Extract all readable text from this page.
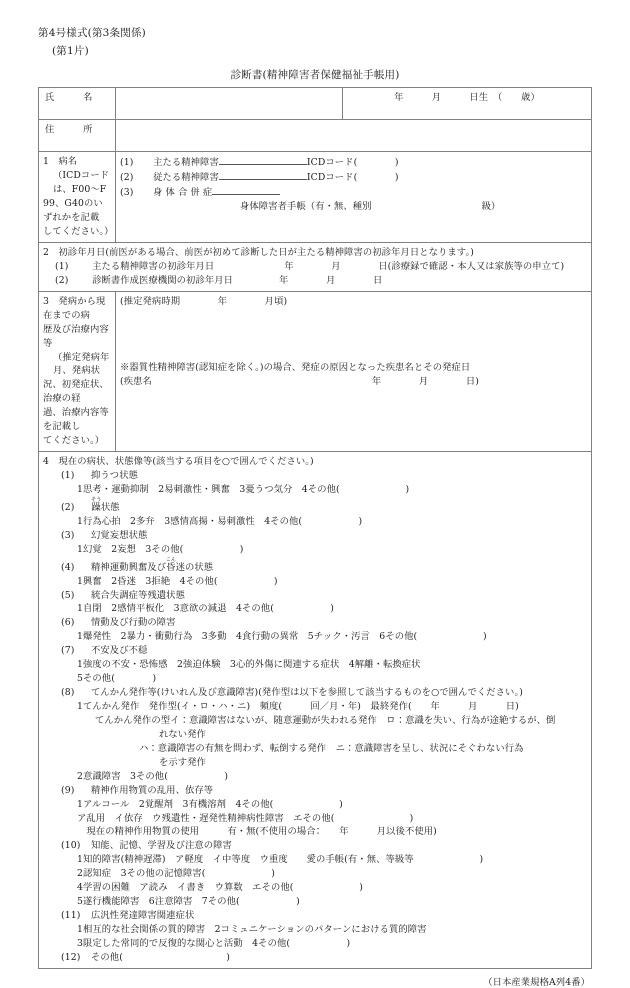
第4号様式(第3条関係)
(第1片)
診断書(精神障害者保健福祉手帳用)
氏　名		年　　　月　　　日生　（　　歳）
住　所		

1　病名
（ICDコードは、F00〜F
99、G40のいずれかを記載
してください。）	(1) 主たる精神障害 ICDコード(　　　　)
(2) 従たる精神障害 ICDコード(　　　　)
(3) 身 体 合 併 症
身体障害者手帳（有・無、種別 級）	

2　初診年月日(前医がある場合、前医が初めて診断した日が主たる精神障害の初診年月日となります。)
(1) 主たる精神障害の初診年月日 年　　　　月　　　　日(診療録で確認・本人又は家族等の申立て)
(2) 診断書作成医療機関の初診年月日 年　　　　月　　　　日		

3　発病から現在までの病
歴及び治療内容等
（推定発病年月、発病状
況、初発症状、治療の経
過、治療内容等を記載し
てください。）

(推定発病時期　　　　年　　　　月頃)
※器質性精神障害(認知症を除く。)の場合、発症の原因となった疾患名とその発症日
(疾患名	年　　　　月　　　　日)

4　現在の病状、状態像等(該当する項目を○で囲んでください。)
(1) 抑うつ状態
1思考・運動抑制　2易刺激性・興奮　3憂うつ気分　4その他(　　　　　　　)
(2) 躁そう状態
1行為心拍　2多弁　3感情高揚・易刺激性　4その他(　　　　　　)
(3) 幻覚妄想状態
1幻覚　2妄想　3その他(　　　　　　)
(4) 精神運動興奮及び昏こん迷の状態
1興奮　2昏迷　3拒絶　4その他(　　　　　　)
(5) 統合失調症等残遺状態
1自閉　2感情平板化　3意欲の減退　4その他(　　　　　　)
(6) 情動及び行動の障害
1爆発性　2暴力・衝動行為　3多動　4食行動の異常　5チック・汚言　6その他(　　　　　　　)
(7) 不安及び不穏
1強度の不安・恐怖感　2強迫体験　3心的外傷に関連する症状　4解離・転換症状
5その他(　　　　)
(8) てんかん発作等(けいれん及び意識障害)(発作型は以下を参照して該当するものを○で囲んでください。)
1てんかん発作　発作型(イ・ロ・ハ・ニ)　頻度(　　　回／月・年)　最終発作(　　年　　　月　　　日)
てんかん発作の型イ：意識障害はないが、随意運動が失われる発作　ロ：意識を失い、行為が途絶するが、倒
れない発作
ハ：意識障害の有無を問わず、転倒する発作　ニ：意識障害を呈し、状況にそぐわない行為
を示す発作
2意識障害　3その他(　　　　　　)
(9) 精神作用物質の乱用、依存等
1アルコール　2覚醒剤　3有機溶剤　4その他(　　　　　　　)
ア乱用　イ依存　ウ残遺性・遅発性精神病性障害　エその他(　　　　　　　　)
　現在の精神作用物質の使用　　　有・無(不使用の場合：　　年　　　月以後不使用)
(10) 知能、記憶、学習及び注意の障害
1知的障害(精神遅滞)　ア軽度　イ中等度　ウ重度　　愛の手帳(有・無、等級等　　　　　　　)
2認知症　3その他の記憶障害(　　　　　　　)
4学習の困難　ア読み　イ書き　ウ算数　エその他(　　　　　　　)
5遂行機能障害　6注意障害　7その他(　　　　　　)
(11) 広汎性発達障害関連症状
1相互的な社会関係の質的障害　2コミュニケーションのパターンにおける質的障害
3限定した常同的で反復的な関心と活動　4その他(　　　　　　)
(12) その他(　　　　　　　　　　　)
（日本産業規格A列4番）
